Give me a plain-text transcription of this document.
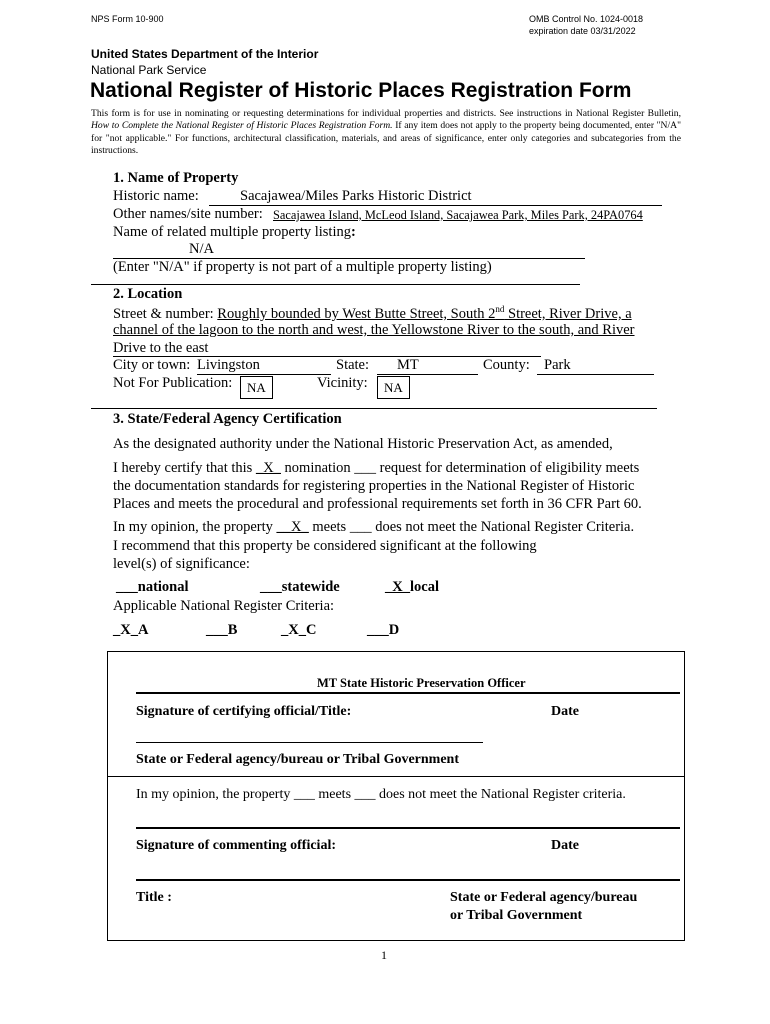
NPS Form 10-900	OMB Control No. 1024-0018
expiration date 03/31/2022
United States Department of the Interior
National Park Service
National Register of Historic Places Registration Form
This form is for use in nominating or requesting determinations for individual properties and districts. See instructions in National Register Bulletin, How to Complete the National Register of Historic Places Registration Form. If any item does not apply to the property being documented, enter "N/A" for "not applicable." For functions, architectural classification, materials, and areas of significance, enter only categories and subcategories from the instructions.
1. Name of Property
Historic name:	Sacajawea/Miles Parks Historic District
Other names/site number: Sacajawea Island, McLeod Island, Sacajawea Park, Miles Park, 24PA0764
Name of related multiple property listing:
N/A
(Enter "N/A" if property is not part of a multiple property listing)
2. Location
Street & number: Roughly bounded by West Butte Street, South 2nd Street, River Drive, a
channel of the lagoon to the north and west, the Yellowstone River to the south, and River
Drive to the east
City or town: Livingston	State: MT	County: Park
Not For Publication:	NA	Vicinity:	NA
3. State/Federal Agency Certification
As the designated authority under the National Historic Preservation Act, as amended,
I hereby certify that this _X_ nomination ___ request for determination of eligibility meets
the documentation standards for registering properties in the National Register of Historic
Places and meets the procedural and professional requirements set forth in 36 CFR Part 60.
In my opinion, the property __X_ meets ___ does not meet the National Register Criteria.
I recommend that this property be considered significant at the following
level(s) of significance:
___national	___statewide	_X_local
Applicable National Register Criteria:
_X_A	___B	_X_C	___D
MT State Historic Preservation Officer
Signature of certifying official/Title:	Date
State or Federal agency/bureau or Tribal Government
In my opinion, the property ___ meets ___ does not meet the National Register criteria.
Signature of commenting official:	Date
Title :	State or Federal agency/bureau
or Tribal Government
1
